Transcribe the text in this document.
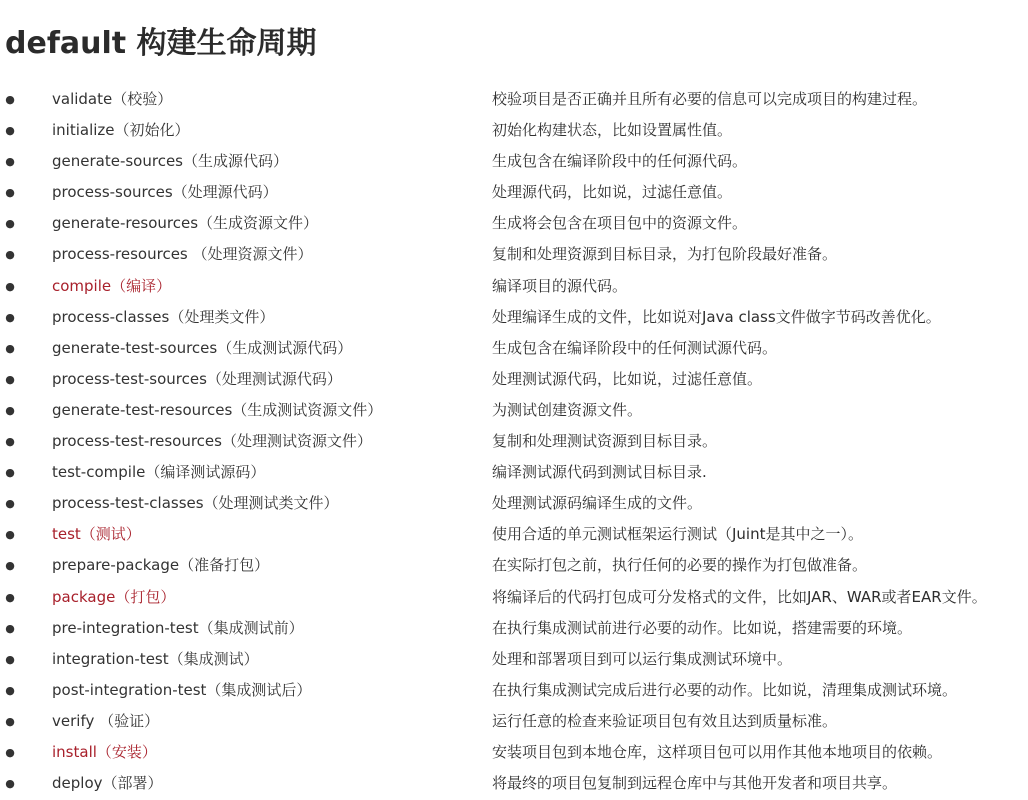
default 构建生命周期
● validate（校验）	校验项目是否正确并且所有必要的信息可以完成项目的构建过程。
● initialize（初始化）	初始化构建状态，比如设置属性值。
● generate-sources（生成源代码）	生成包含在编译阶段中的任何源代码。
● process-sources（处理源代码）	处理源代码，比如说，过滤任意值。
● generate-resources（生成资源文件）	生成将会包含在项目包中的资源文件。
● process-resources （处理资源文件）	复制和处理资源到目标目录，为打包阶段最好准备。
● compile（编译）	编译项目的源代码。
● process-classes（处理类文件）	处理编译生成的文件，比如说对Java class文件做字节码改善优化。
● generate-test-sources（生成测试源代码）	生成包含在编译阶段中的任何测试源代码。
● process-test-sources（处理测试源代码）	处理测试源代码，比如说，过滤任意值。
● generate-test-resources（生成测试资源文件）	为测试创建资源文件。
● process-test-resources（处理测试资源文件）	复制和处理测试资源到目标目录。
● test-compile（编译测试源码）	编译测试源代码到测试目标目录.
● process-test-classes（处理测试类文件）	处理测试源码编译生成的文件。
● test（测试）	使用合适的单元测试框架运行测试（Juint是其中之一）。
● prepare-package（准备打包）	在实际打包之前，执行任何的必要的操作为打包做准备。
● package（打包）	将编译后的代码打包成可分发格式的文件，比如JAR、WAR或者EAR文件。
● pre-integration-test（集成测试前）	在执行集成测试前进行必要的动作。比如说，搭建需要的环境。
● integration-test（集成测试）	处理和部署项目到可以运行集成测试环境中。
● post-integration-test（集成测试后）	在执行集成测试完成后进行必要的动作。比如说，清理集成测试环境。
● verify （验证）	运行任意的检查来验证项目包有效且达到质量标准。
● install（安装）	安装项目包到本地仓库，这样项目包可以用作其他本地项目的依赖。
● deploy（部署）	将最终的项目包复制到远程仓库中与其他开发者和项目共享。
